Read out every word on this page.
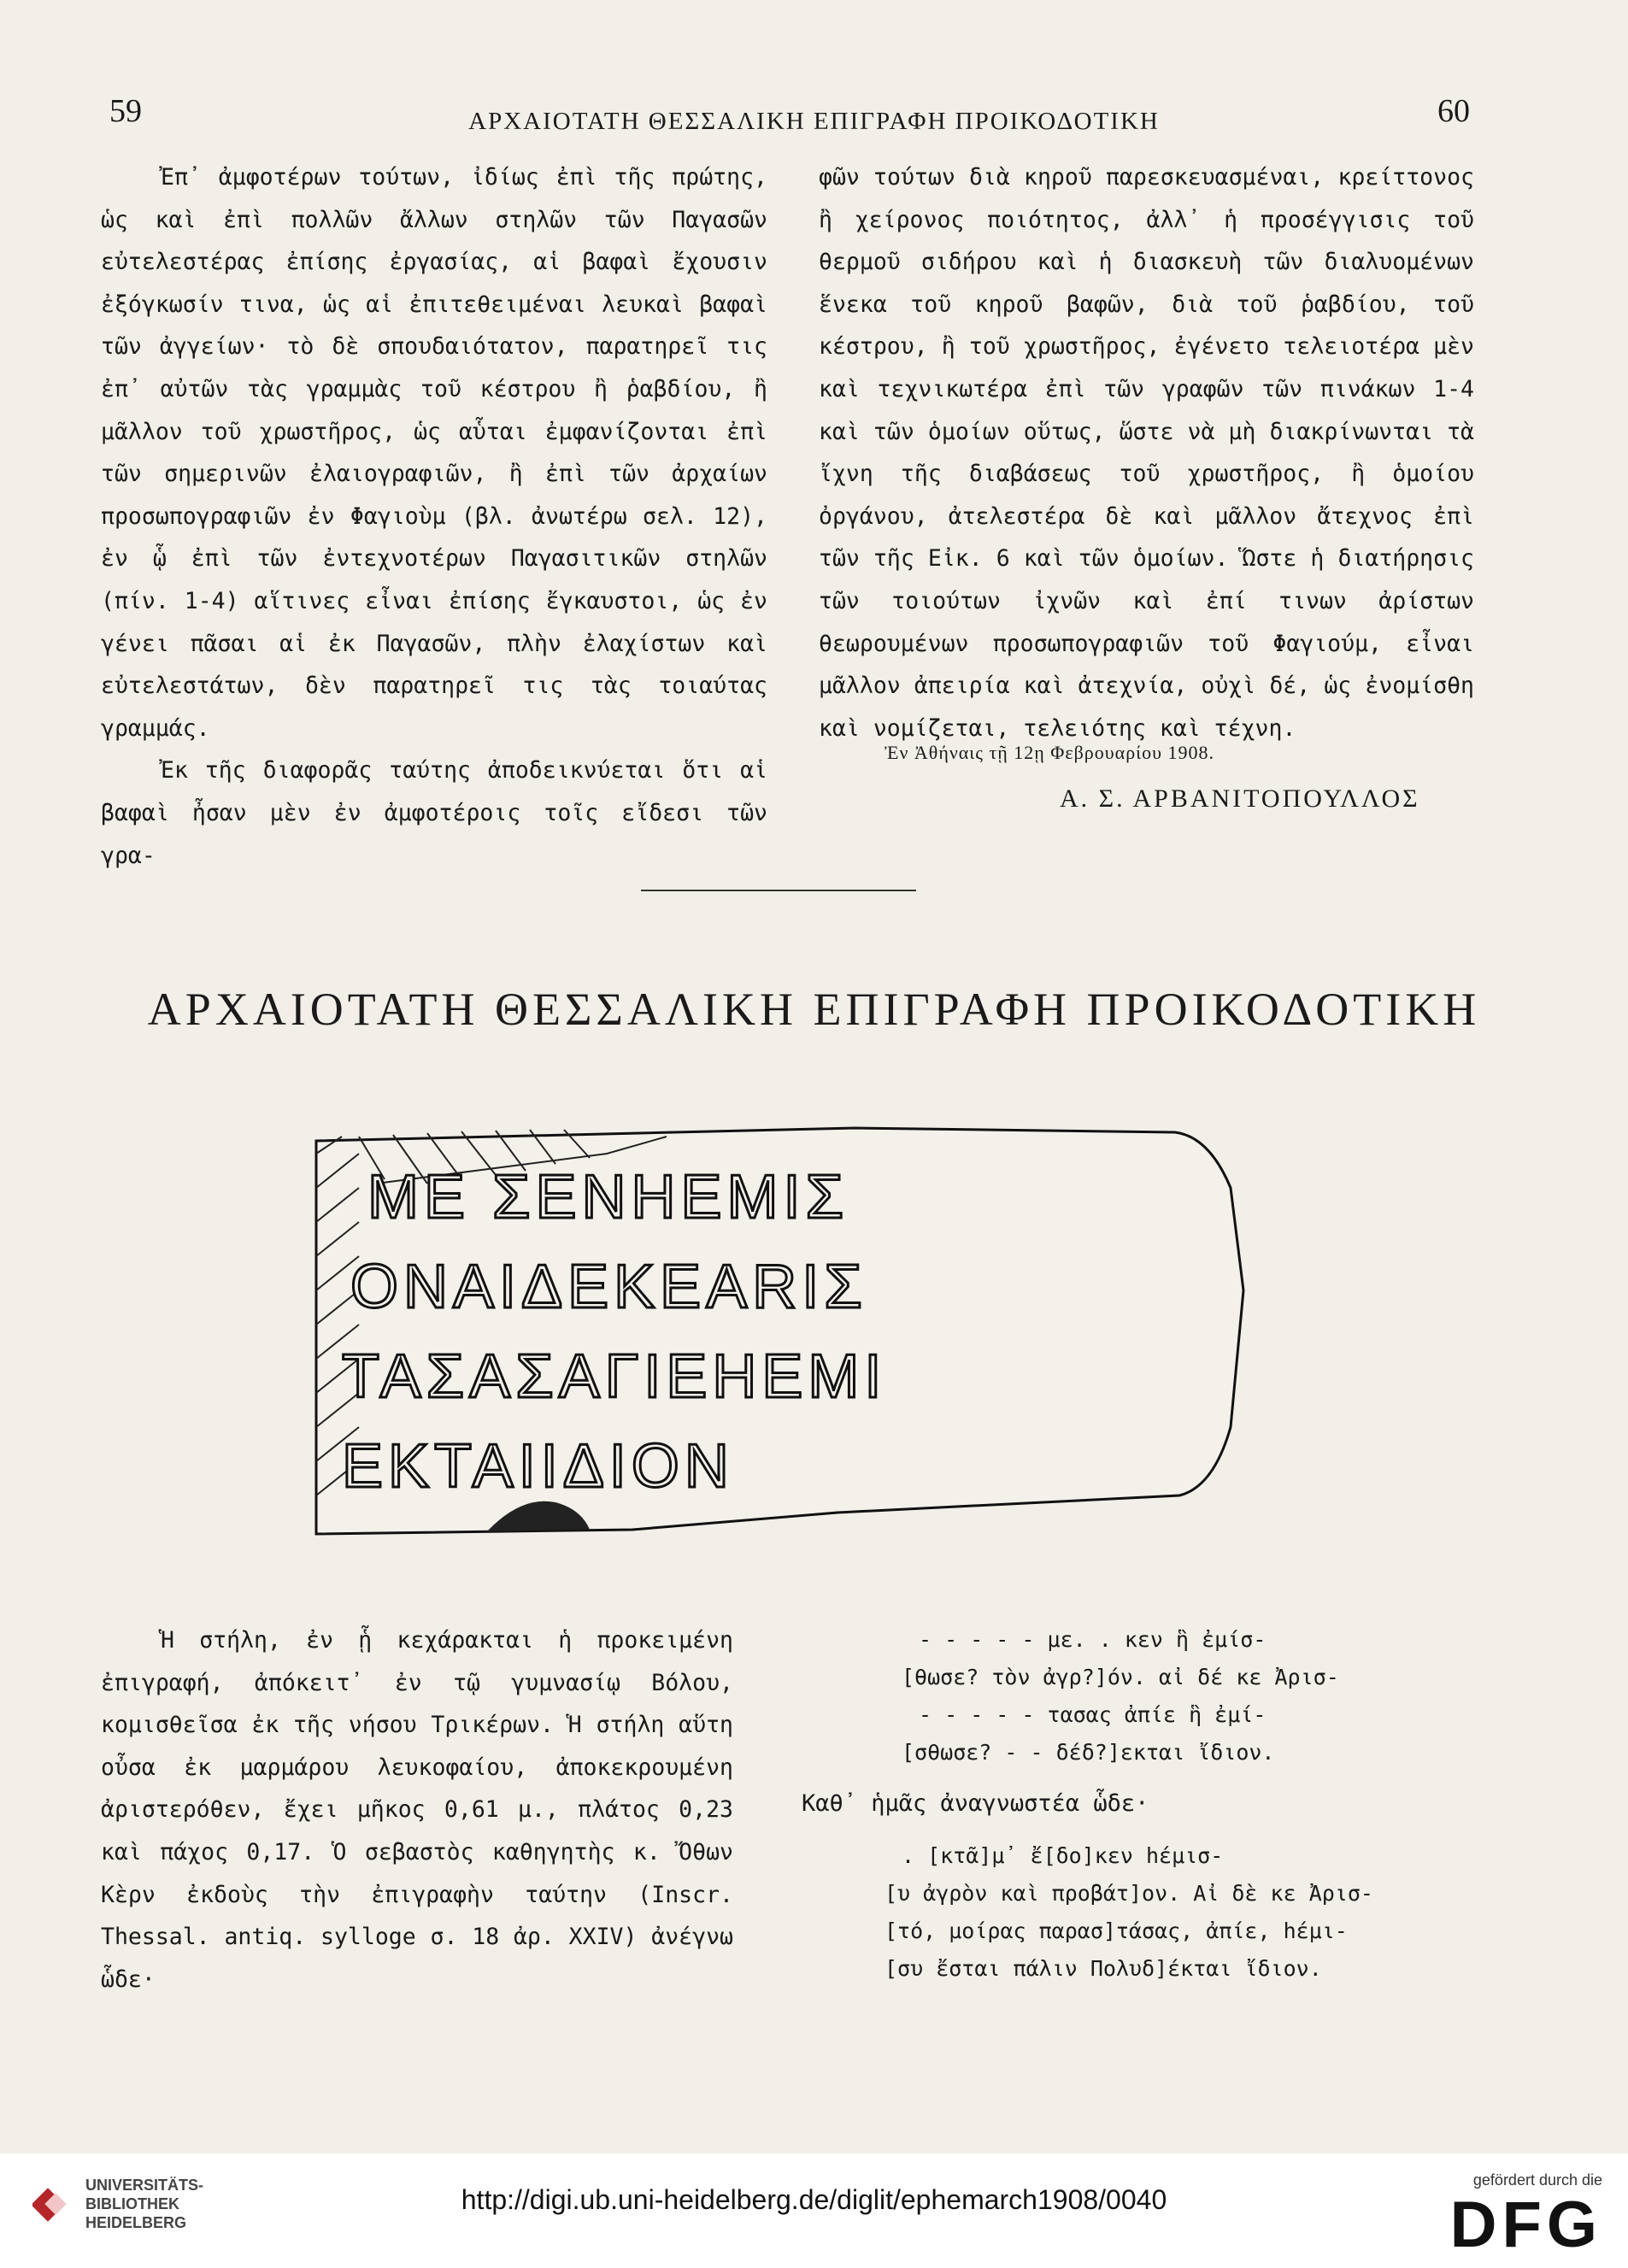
59	ΑΡΧΑΙΟΤΑΤΗ ΘΕΣΣΑΛΙΚΗ ΕΠΙΓΡΑΦΗ ΠΡΟΙΚΟΔΟΤΙΚΗ	60

Ἐπ᾿ ἀμφοτέρων τούτων, ἰδίως ἐπὶ τῆς πρώτης, ὡς καὶ ἐπὶ πολλῶν ἄλλων στηλῶν τῶν Παγασῶν εὐτελεστέρας ἐπίσης ἐργασίας, αἱ βαφαὶ ἔχουσιν ἐξόγκωσίν τινα, ὡς αἱ ἐπιτεθειμέναι λευκαὶ βαφαὶ τῶν ἀγγείων· τὸ δὲ σπουδαιότατον, παρατηρεῖ τις ἐπ᾿ αὐτῶν τὰς γραμμὰς τοῦ κέστρου ἢ ῥαβδίου, ἢ μᾶλλον τοῦ χρωστῆρος, ὡς αὗται ἐμφανίζονται ἐπὶ τῶν σημερινῶν ἐλαιογραφιῶν, ἢ ἐπὶ τῶν ἀρχαίων προσωπογραφιῶν ἐν Φαγιοὺμ (βλ. ἀνωτέρω σελ. 12), ἐν ᾧ ἐπὶ τῶν ἐντεχνοτέρων Παγασιτικῶν στηλῶν (πίν. 1-4) αἵτινες εἶναι ἐπίσης ἔγκαυστοι, ὡς ἐν γένει πᾶσαι αἱ ἐκ Παγασῶν, πλὴν ἐλαχίστων καὶ εὐτελεστάτων, δὲν παρατηρεῖ τις τὰς τοιαύτας γραμμάς.

Ἐκ τῆς διαφορᾶς ταύτης ἀποδεικνύεται ὅτι αἱ βαφαὶ ἦσαν μὲν ἐν ἀμφοτέροις τοῖς εἴδεσι τῶν γρα-

φῶν τούτων διὰ κηροῦ παρεσκευασμέναι, κρείττονος ἢ χείρονος ποιότητος, ἀλλ᾿ ἡ προσέγγισις τοῦ θερμοῦ σιδήρου καὶ ἡ διασκευὴ τῶν διαλυομένων ἕνεκα τοῦ κηροῦ βαφῶν, διὰ τοῦ ῥαβδίου, τοῦ κέστρου, ἢ τοῦ χρωστῆρος, ἐγένετο τελειοτέρα μὲν καὶ τεχνικωτέρα ἐπὶ τῶν γραφῶν τῶν πινάκων 1-4 καὶ τῶν ὁμοίων οὕτως, ὥστε νὰ μὴ διακρίνωνται τὰ ἴχνη τῆς διαβάσεως τοῦ χρωστῆρος, ἢ ὁμοίου ὀργάνου, ἀτελεστέρα δὲ καὶ μᾶλλον ἄτεχνος ἐπὶ τῶν τῆς Εἰκ. 6 καὶ τῶν ὁμοίων. Ὥστε ἡ διατήρησις τῶν τοιούτων ἰχνῶν καὶ ἐπί τινων ἀρίστων θεωρουμένων προσωπογραφιῶν τοῦ Φαγιούμ, εἶναι μᾶλλον ἀπειρία καὶ ἀτεχνία, οὐχὶ δέ, ὡς ἐνομίσθη καὶ νομίζεται, τελειότης καὶ τέχνη.

Ἐν Ἀθήναις τῇ 12ῃ Φεβρουαρίου 1908.
Α. Σ. ΑΡΒΑΝΙΤΟΠΟΥΛΛΟΣ
ΑΡΧΑΙΟΤΑΤΗ ΘΕΣΣΑΛΙΚΗ ΕΠΙΓΡΑΦΗ ΠΡΟΙΚΟΔΟΤΙΚΗ
ΜΕ ΣΕΝΗΕΜΙΣ
ΟΝΑΙΔΕΚΕΑRIΣ
ΤΑΣΑΣΑΓΙΕΗΕΜΙ
ΕΚΤΑΙΙΔΙΟΝ

Ἡ στήλη, ἐν ᾗ κεχάρακται ἡ προκειμένη ἐπιγραφή, ἀπόκειτ᾿ ἐν τῷ γυμνασίῳ Βόλου, κομισθεῖσα ἐκ τῆς νήσου Τρικέρων. Ἡ στήλη αὕτη οὖσα ἐκ μαρμάρου λευκοφαίου, ἀποκεκρουμένη ἀριστερόθεν, ἔχει μῆκος 0,61 μ., πλάτος 0,23 καὶ πάχος 0,17. Ὁ σεβαστὸς καθηγητὴς κ. Ὄθων Κὲρν ἐκδοὺς τὴν ἐπιγραφὴν ταύτην (Inscr. Thessal. antiq. sylloge σ. 18 ἀρ. XXIV) ἀνέγνω ὧδε·

- - - - - με. . κεν ἣ ἐμίσ-

[θωσε? τὸν ἀγρ?]όν. αἰ δέ κε Ἀρισ-

- - - - - τασας ἀπίε ἣ ἐμί-

[σθωσε? - - δέδ?]εκται ἴδιον.

Καθ᾿ ἡμᾶς ἀναγνωστέα ὧδε·

. [κτᾶ]μ᾿ ἔ[δο]κεν hέμισ-

[υ ἀγρὸν καὶ προβάτ]ον. Αἰ δὲ κε Ἀρισ-

[τό, μοίρας παρασ]τάσας, ἀπίε, hέμι-

[συ ἔσται πάλιν Πολυδ]έκται ἴδιον.

UNIVERSITÄTS-
BIBLIOTHEK
HEIDELBERG
http://digi.ub.uni-heidelberg.de/diglit/ephemarch1908/0040
gefördert durch die
DFG
